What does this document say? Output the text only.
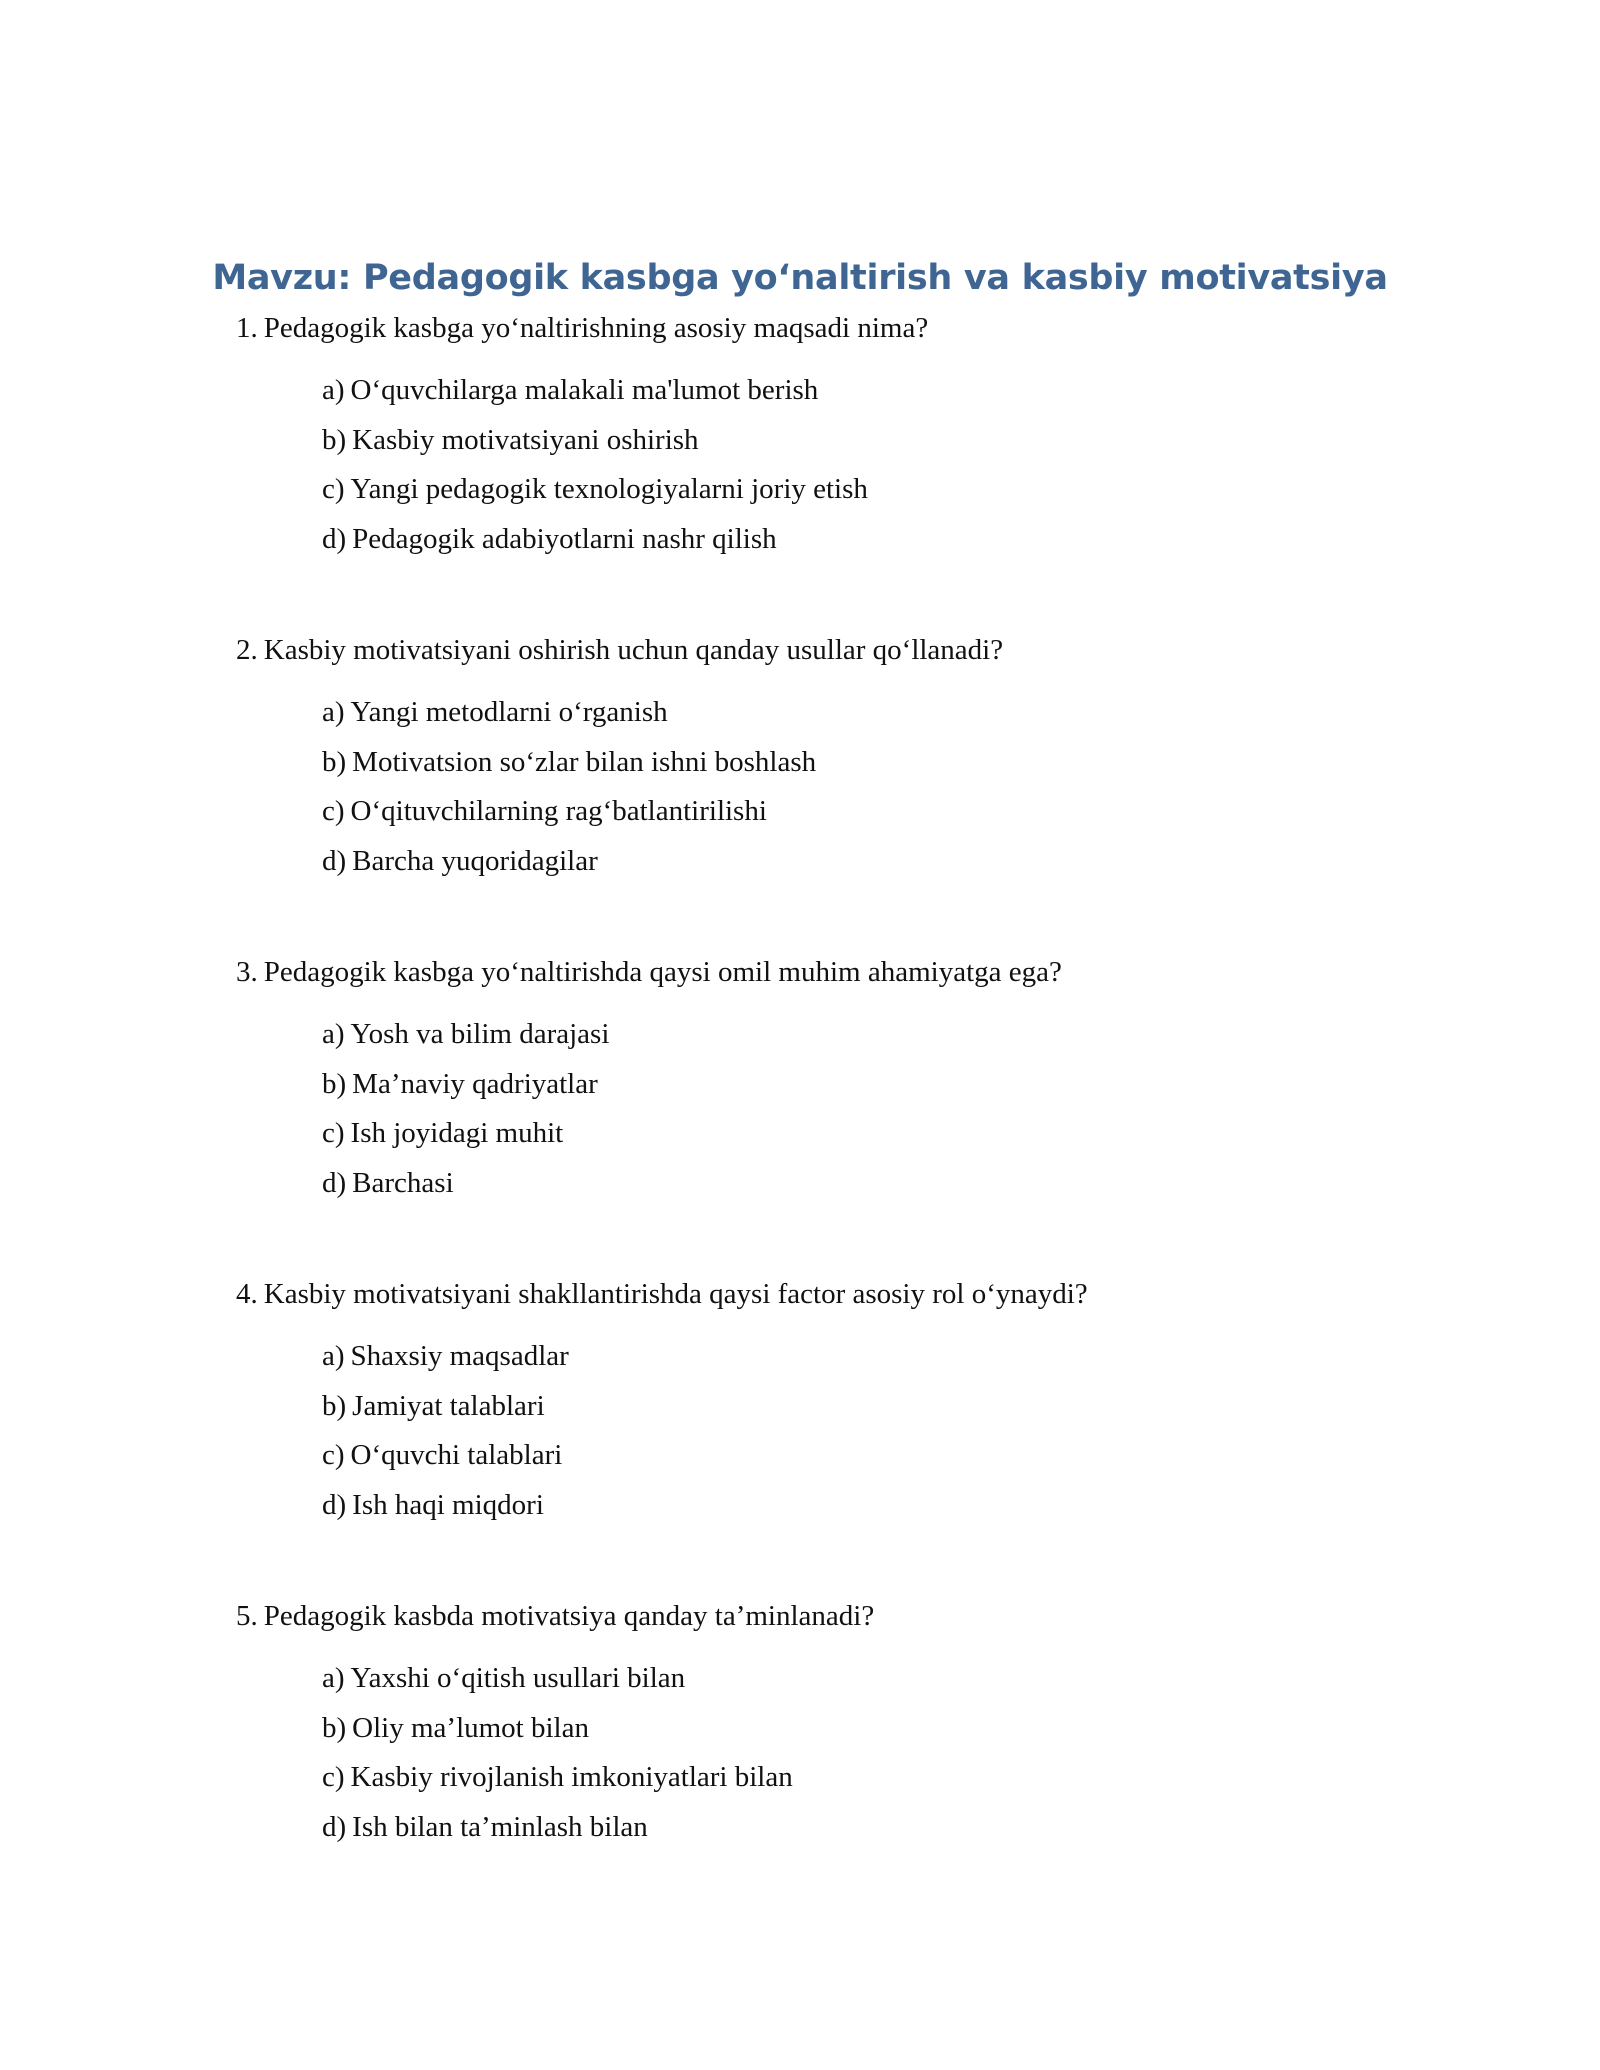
Mavzu: Pedagogik kasbga yo‘naltirish va kasbiy motivatsiya

1. Pedagogik kasbga yo‘naltirishning asosiy maqsadi nima?

a) O‘quvchilarga malakali ma'lumot berish
b) Kasbiy motivatsiyani oshirish
c) Yangi pedagogik texnologiyalarni joriy etish
d) Pedagogik adabiyotlarni nashr qilish

2. Kasbiy motivatsiyani oshirish uchun qanday usullar qo‘llanadi?

a) Yangi metodlarni o‘rganish
b) Motivatsion so‘zlar bilan ishni boshlash
c) O‘qituvchilarning rag‘batlantirilishi
d) Barcha yuqoridagilar

3. Pedagogik kasbga yo‘naltirishda qaysi omil muhim ahamiyatga ega?

a) Yosh va bilim darajasi
b) Ma’naviy qadriyatlar
c) Ish joyidagi muhit
d) Barchasi

4. Kasbiy motivatsiyani shakllantirishda qaysi factor asosiy rol o‘ynaydi?

a) Shaxsiy maqsadlar
b) Jamiyat talablari
c) O‘quvchi talablari
d) Ish haqi miqdori

5. Pedagogik kasbda motivatsiya qanday ta’minlanadi?

a) Yaxshi o‘qitish usullari bilan
b) Oliy ma’lumot bilan
c) Kasbiy rivojlanish imkoniyatlari bilan
d) Ish bilan ta’minlash bilan
